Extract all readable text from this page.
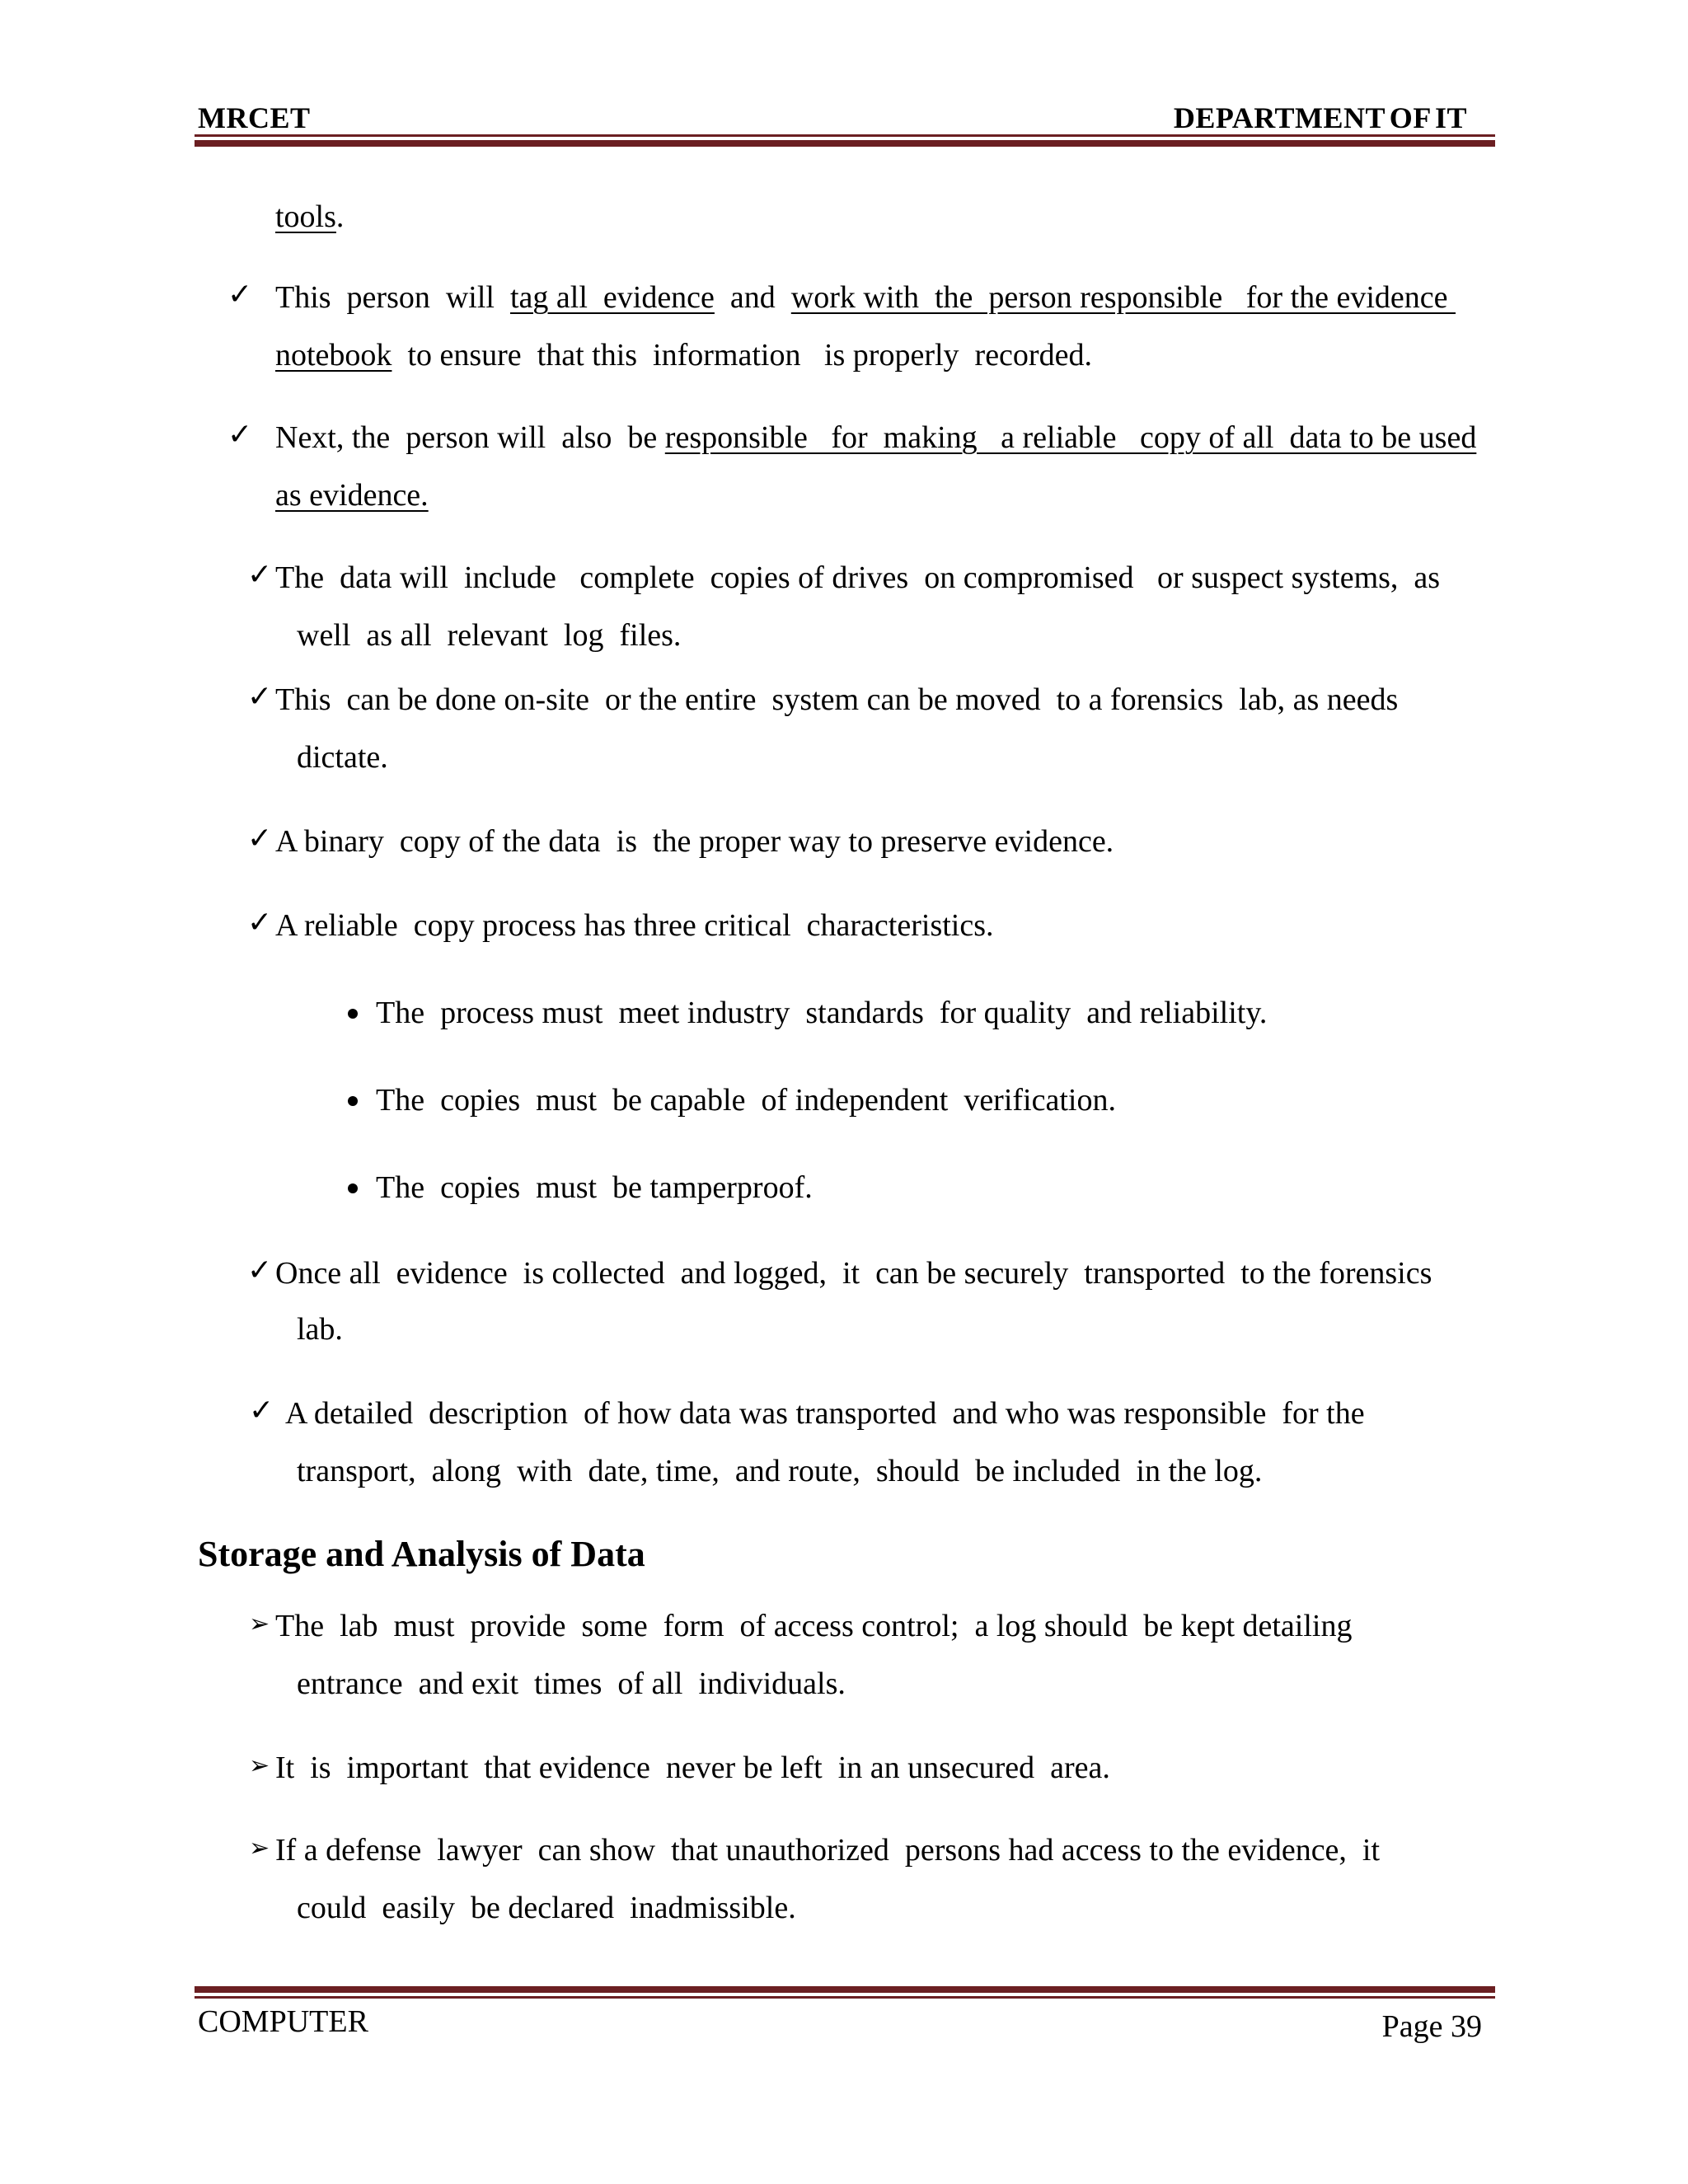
MRCET	DEPARTMENT OF IT
tools.
✓ This  person  will  tag all  evidence  and  work with  the  person responsible   for the evidence
notebook  to ensure  that this  information   is properly  recorded.
✓ Next, the  person will  also  be responsible   for  making   a reliable   copy of all  data to be used
as evidence.
✓ The  data will  include   complete  copies of drives  on compromised   or suspect systems,  as
well  as all  relevant  log  files.
✓ This  can be done on-site  or the entire  system can be moved  to a forensics  lab, as needs
dictate.
✓ A binary  copy of the data  is  the proper way to preserve evidence.
✓ A reliable  copy process has three critical  characteristics.
The  process must  meet industry  standards  for quality  and reliability.
The  copies  must  be capable  of independent  verification.
The  copies  must  be tamperproof.
✓ Once all  evidence  is collected  and logged,  it  can be securely  transported  to the forensics
lab.
✓ A detailed  description  of how data was transported  and who was responsible  for the
transport,  along  with  date, time,  and route,  should  be included  in the log.
Storage and Analysis of Data
➢ The  lab  must  provide  some  form  of access control;  a log should  be kept detailing
entrance  and exit  times  of all  individuals.
➢ It  is  important  that evidence  never be left  in an unsecured  area.
➢ If a defense  lawyer  can show  that unauthorized  persons had access to the evidence,  it
could  easily  be declared  inadmissible.
COMPUTER	Page 39
